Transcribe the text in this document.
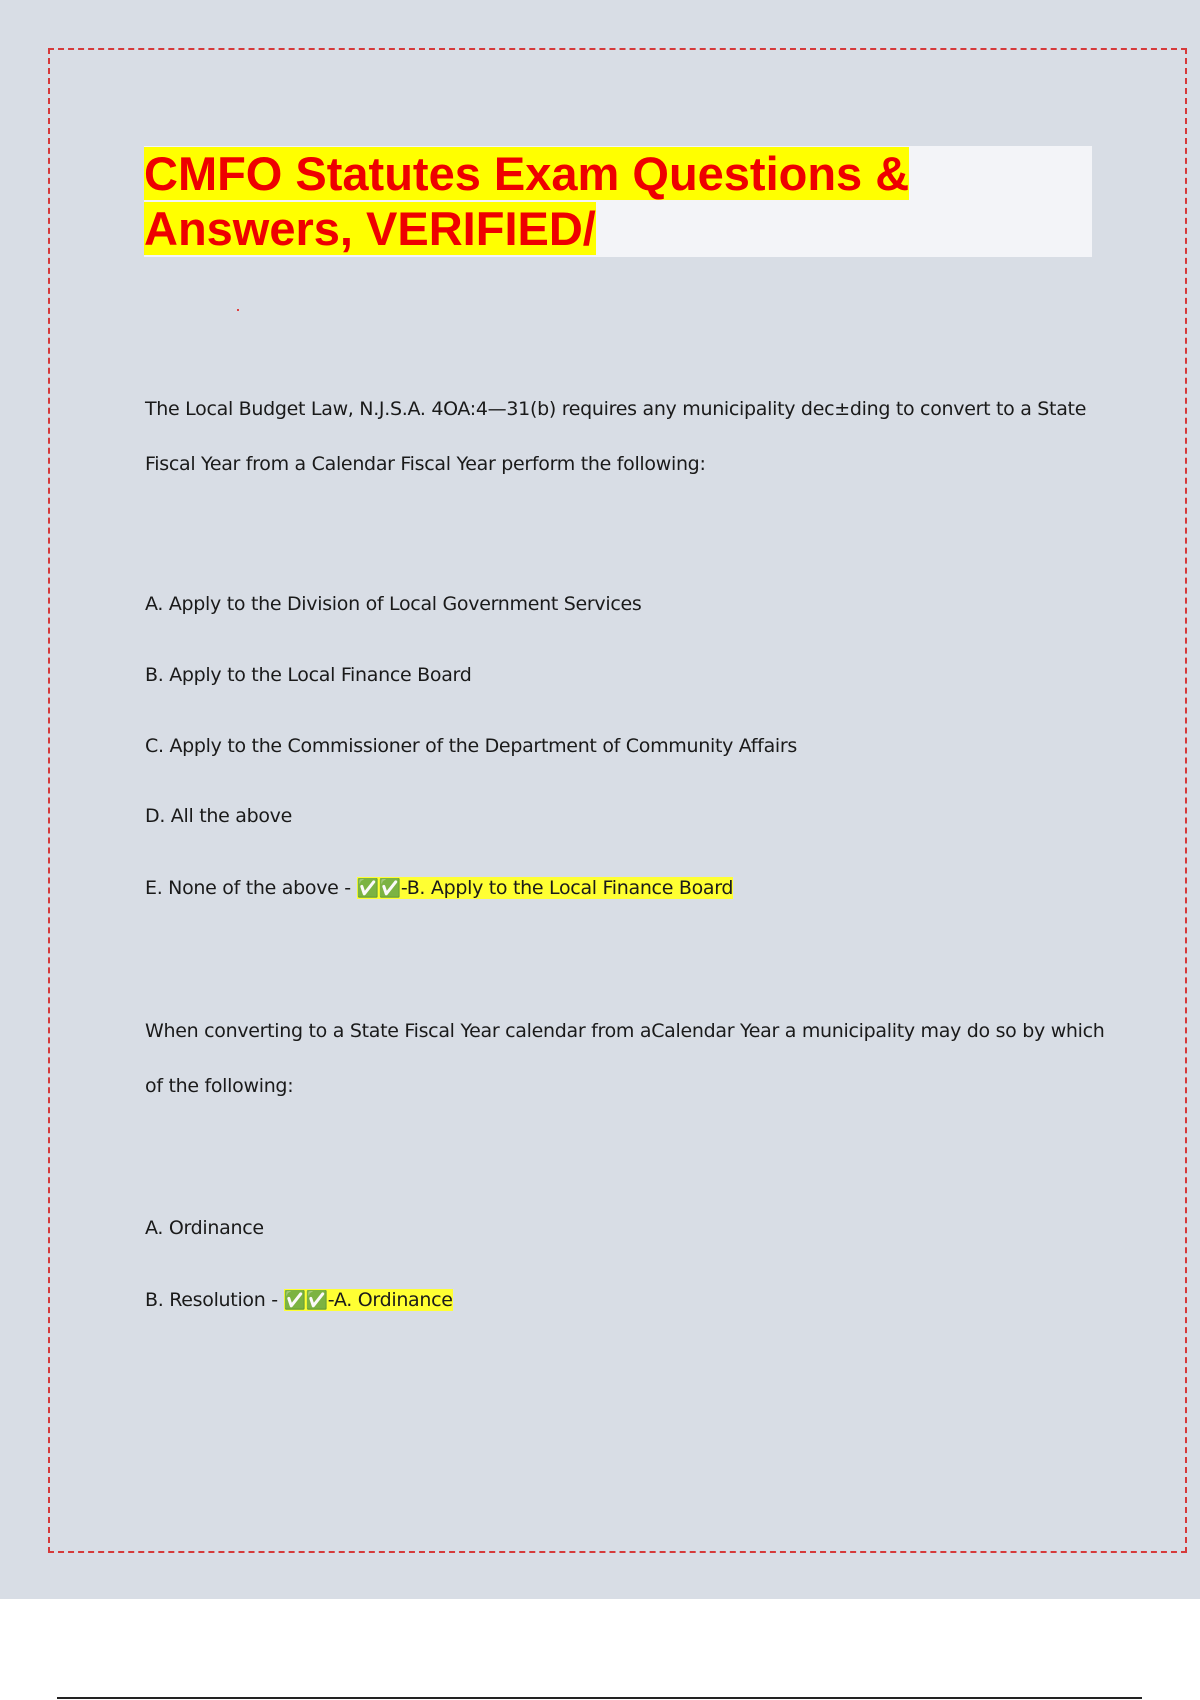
CMFO Statutes Exam Questions &
Answers, VERIFIED/

The Local Budget Law, N.J.S.A. 4OA:4—31(b) requires any municipality dec±ding to convert to a State

Fiscal Year from a Calendar Fiscal Year perform the following:

A. Apply to the Division of Local Government Services

B. Apply to the Local Finance Board

C. Apply to the Commissioner of the Department of Community Affairs

D. All the above

E. None of the above - ✅✅-B. Apply to the Local Finance Board

When converting to a State Fiscal Year calendar from aCalendar Year a municipality may do so by which

of the following:

A. Ordinance

B. Resolution - ✅✅-A. Ordinance
